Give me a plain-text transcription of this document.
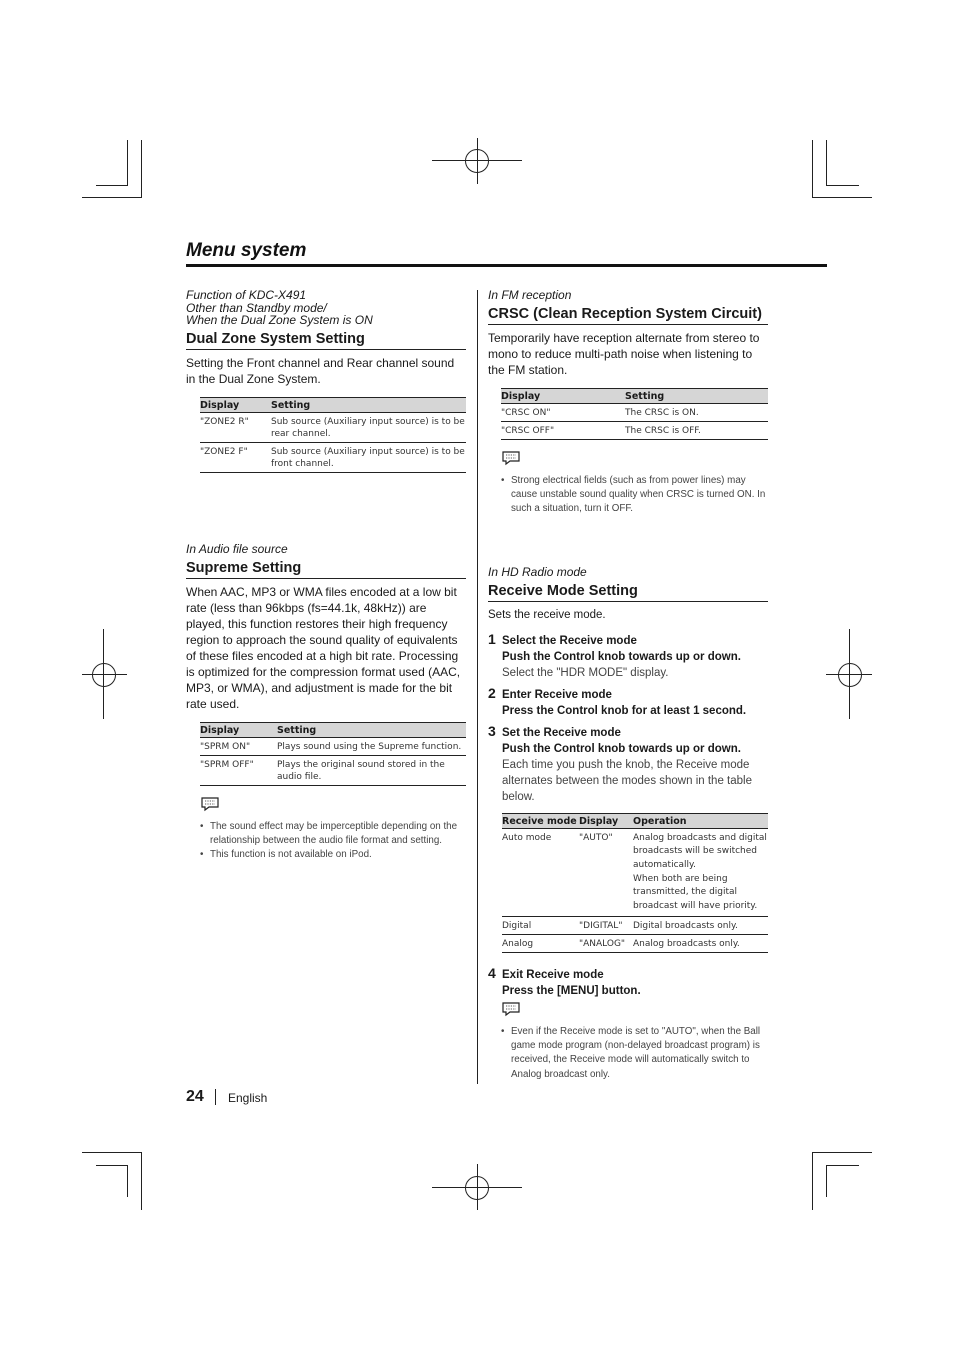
Menu system
Function of KDC-X491
Other than Standby mode/
When the Dual Zone System is ON
Dual Zone System Setting
Setting the Front channel and Rear channel sound in the Dual Zone System.
Display	Setting
"ZONE2 R"	Sub source (Auxiliary input source) is to be rear channel.
"ZONE2 F"	Sub source (Auxiliary input source) is to be front channel.
In Audio file source
Supreme Setting
When AAC, MP3 or WMA files encoded at a low bit rate (less than 96kbps (fs=44.1k, 48kHz)) are played, this function restores their high frequency region to approach the sound quality of equivalents of these files encoded at a high bit rate. Processing is optimized for the compression format used (AAC, MP3, or WMA), and adjustment is made for the bit rate used.
Display	Setting
"SPRM ON"	Plays sound using the Supreme function.
"SPRM OFF"	Plays the original sound stored in the audio file.
• The sound effect may be imperceptible depending on the relationship between the audio file format and setting.
• This function is not available on iPod.
In FM reception
CRSC (Clean Reception System Circuit)
Temporarily have reception alternate from stereo to mono to reduce multi-path noise when listening to the FM station.
Display	Setting
"CRSC ON"	The CRSC is ON.
"CRSC OFF"	The CRSC is OFF.
• Strong electrical fields (such as from power lines) may cause unstable sound quality when CRSC is turned ON. In such a situation, turn it OFF.
In HD Radio mode
Receive Mode Setting
Sets the receive mode.
1 Select the Receive mode
Push the Control knob towards up or down.
Select the "HDR MODE" display.
2 Enter Receive mode
Press the Control knob for at least 1 second.
3 Set the Receive mode
Push the Control knob towards up or down.
Each time you push the knob, the Receive mode alternates between the modes shown in the table below.
Receive mode	Display	Operation
Auto mode	"AUTO"	Analog broadcasts and digital broadcasts will be switched automatically.
When both are being transmitted, the digital broadcast will have priority.

Digital	"DIGITAL"	Digital broadcasts only.
Analog	"ANALOG"	Analog broadcasts only.
4 Exit Receive mode
Press the [MENU] button.
• Even if the Receive mode is set to "AUTO", when the Ball game mode program (non-delayed broadcast program) is received, the Receive mode will automatically switch to Analog broadcast only.
24 English
